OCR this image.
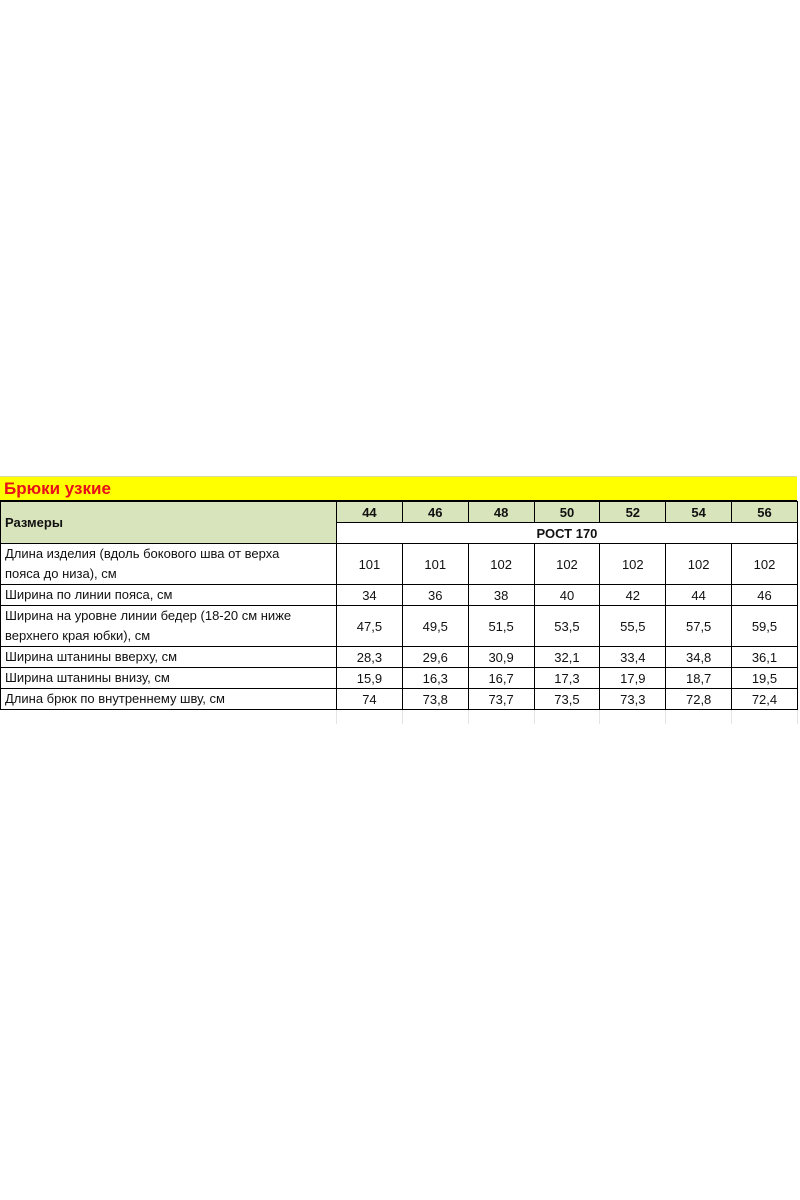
Брюки узкие
Размеры	44	46	48	50	52	54	56
	РОСТ 170						

Длина изделия (вдоль бокового шва от верха
пояса до низа), см	101	101	102	102	102	102	102
Ширина по линии пояса, см	34	36	38	40	42	44	46

Ширина на уровне линии бедер (18-20 см ниже
верхнего края юбки), см	47,5	49,5	51,5	53,5	55,5	57,5	59,5
Ширина штанины вверху, см	28,3	29,6	30,9	32,1	33,4	34,8	36,1
Ширина штанины внизу, см	15,9	16,3	16,7	17,3	17,9	18,7	19,5
Длина брюк по внутреннему шву, см	74	73,8	73,7	73,5	73,3	72,8	72,4
